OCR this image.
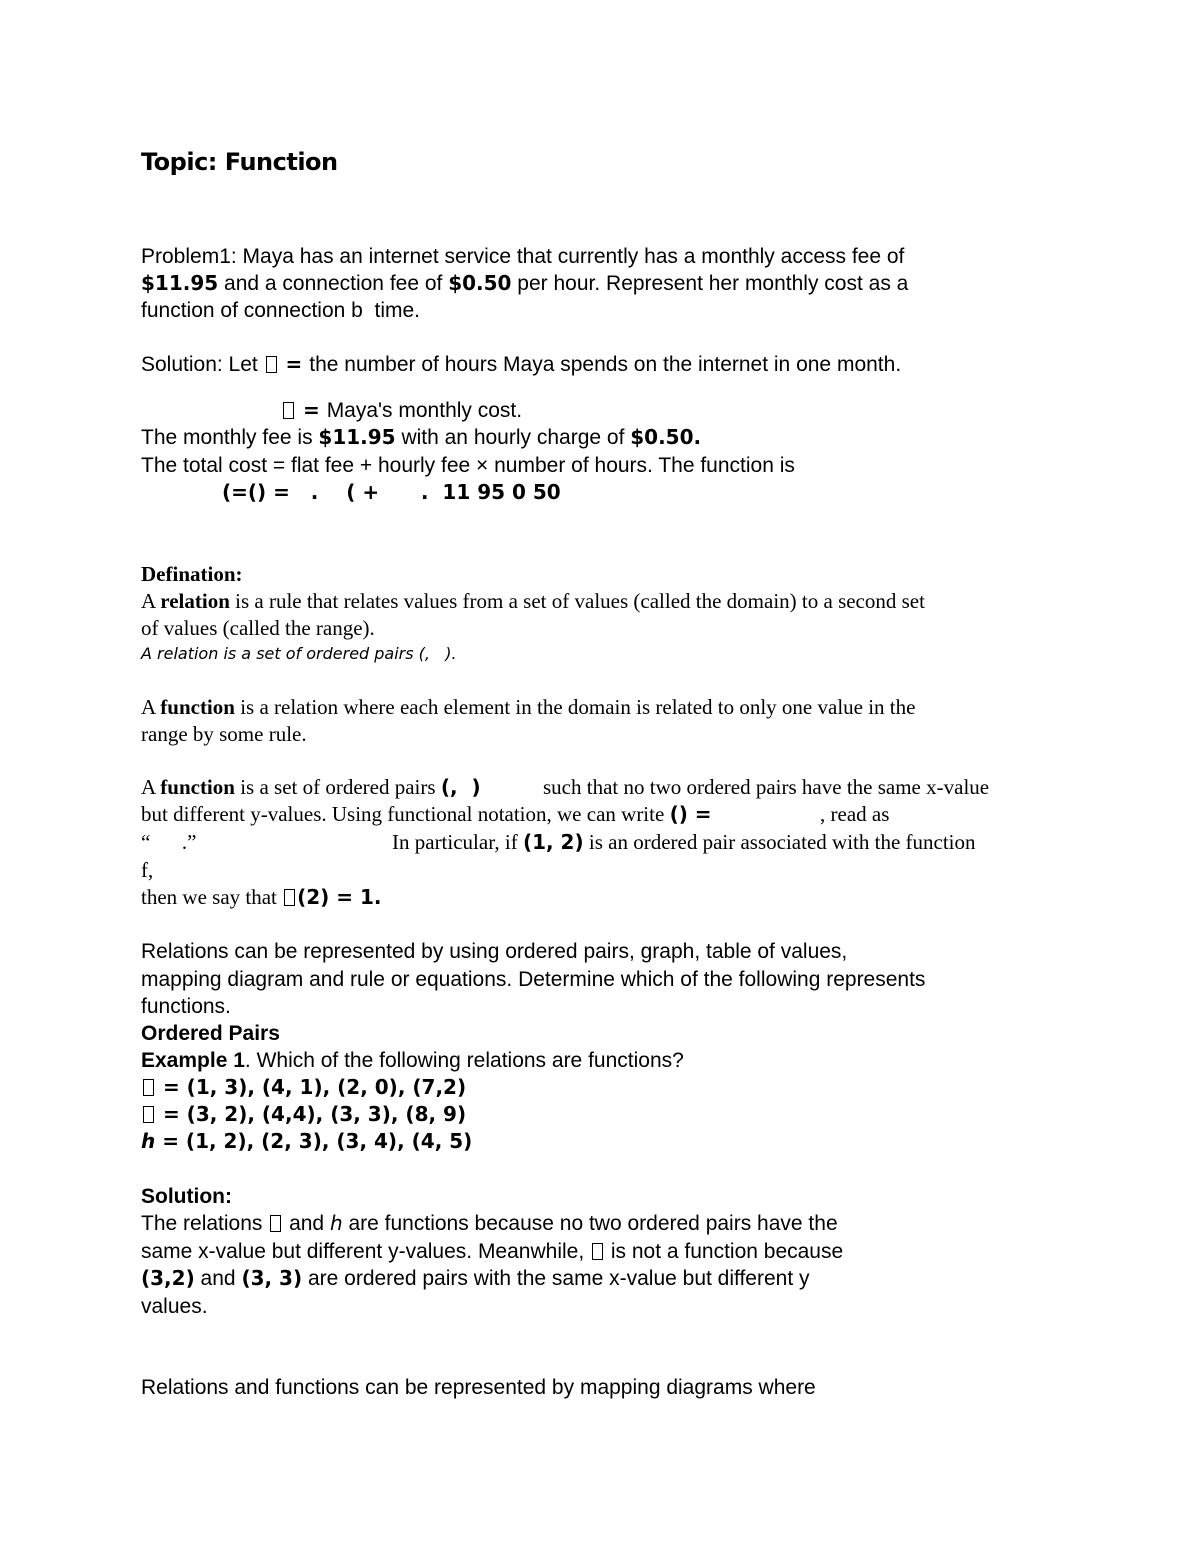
Topic: Function
Problem1: Maya has an internet service that currently has a monthly access fee of
$11.95 and a connection fee of $0.50 per hour. Represent her monthly cost as a
function of connection b  time.
Solution: Let  = the number of hours Maya spends on the internet in one month.
= Maya's monthly cost.
The monthly fee is $11.95 with an hourly charge of $0.50.
The total cost = flat fee + hourly fee × number of hours. The function is
(=() =   .    ( +      .  11 95 0 50
Defination:
A relation is a rule that relates values from a set of values (called the domain) to a second set
of values (called the range).
A relation is a set of ordered pairs (,   ).
A function is a relation where each element in the domain is related to only one value in the
range by some rule.
A function is a set of ordered pairs (,  )	such that no two ordered pairs have the same x-value
but different y-values. Using functional notation, we can write () =	, read as
“      .”	In particular, if (1, 2) is an ordered pair associated with the function
f,
then we say that (2) = 1.
Relations can be represented by using ordered pairs, graph, table of values,
mapping diagram and rule or equations. Determine which of the following represents
functions.
Ordered Pairs
Example 1. Which of the following relations are functions?
= (1, 3), (4, 1), (2, 0), (7,2)
= (3, 2), (4,4), (3, 3), (8, 9)
h = (1, 2), (2, 3), (3, 4), (4, 5)
Solution:
The relations  and h are functions because no two ordered pairs have the
same x-value but different y-values. Meanwhile,  is not a function because
(3,2) and (3, 3) are ordered pairs with the same x-value but different y
values.
Relations and functions can be represented by mapping diagrams where
